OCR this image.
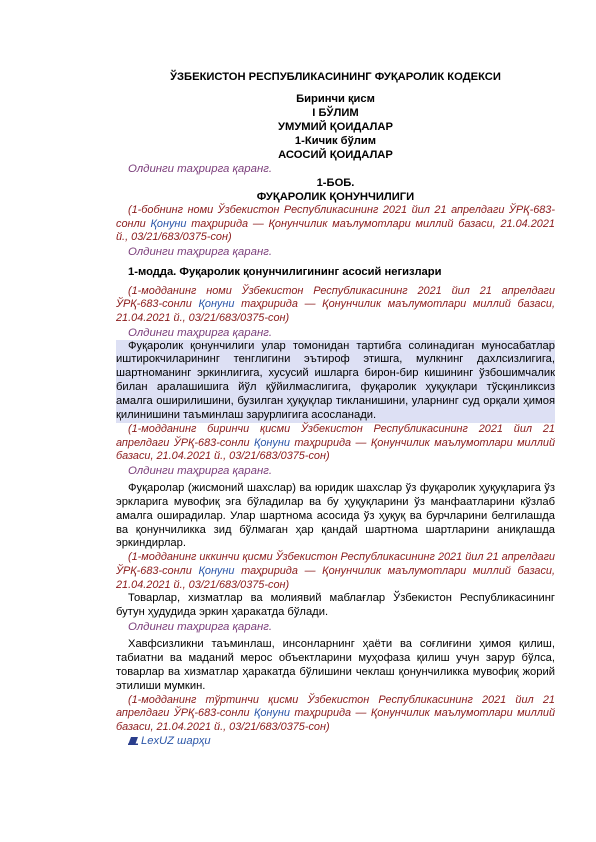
ЎЗБЕКИСТОН РЕСПУБЛИКАСИНИНГ ФУҚАРОЛИК КОДЕКСИ

Биринчи қисм

I БЎЛИМ

УМУМИЙ ҚОИДАЛАР

1-Кичик бўлим

АСОСИЙ ҚОИДАЛАР

Олдинги таҳрирга қаранг.

1-БОБ.

ФУҚАРОЛИК ҚОНУНЧИЛИГИ

(1-бобнинг номи Ўзбекистон Республикасининг 2021 йил 21 апрелдаги ЎРҚ-683-сонли Қонуни таҳририда — Қонунчилик маълумотлари миллий базаси, 21.04.2021 й., 03/21/683/0375-сон)

Олдинги таҳрирга қаранг.

1-модда. Фуқаролик қонунчилигининг асосий негизлари

(1-модданинг номи Ўзбекистон Республикасининг 2021 йил 21 апрелдаги ЎРҚ-683-сонли Қонуни таҳририда — Қонунчилик маълумотлари миллий базаси, 21.04.2021 й., 03/21/683/0375-сон)

Олдинги таҳрирга қаранг.

Фуқаролик қонунчилиги улар томонидан тартибга солинадиган муносабатлар иштирокчиларининг тенглигини эътироф этишга, мулкнинг дахлсизлигига, шартноманинг эркинлигига, хусусий ишларга бирон-бир кишининг ўзбошимчалик билан аралашишига йўл қўйилмаслигига, фуқаролик ҳуқуқлари тўсқинликсиз амалга оширилишини, бузилган ҳуқуқлар тикланишини, уларнинг суд орқали ҳимоя қилинишини таъминлаш зарурлигига асосланади.

(1-модданинг биринчи қисми Ўзбекистон Республикасининг 2021 йил 21 апрелдаги ЎРҚ-683-сонли Қонуни таҳририда — Қонунчилик маълумотлари миллий базаси, 21.04.2021 й., 03/21/683/0375-сон)

Олдинги таҳрирга қаранг.

Фуқаролар (жисмоний шахслар) ва юридик шахслар ўз фуқаролик ҳуқуқларига ўз эркларига мувофиқ эга бўладилар ва бу ҳуқуқларини ўз манфаатларини кўзлаб амалга оширадилар. Улар шартнома асосида ўз ҳуқуқ ва бурчларини белгилашда ва қонунчиликка зид бўлмаган ҳар қандай шартнома шартларини аниқлашда эркиндирлар.

(1-модданинг иккинчи қисми Ўзбекистон Республикасининг 2021 йил 21 апрелдаги ЎРҚ-683-сонли Қонуни таҳририда — Қонунчилик маълумотлари миллий базаси, 21.04.2021 й., 03/21/683/0375-сон)

Товарлар, хизматлар ва молиявий маблағлар Ўзбекистон Республикасининг бутун ҳудудида эркин ҳаракатда бўлади.

Олдинги таҳрирга қаранг.

Хавфсизликни таъминлаш, инсонларнинг ҳаёти ва соғлиғини ҳимоя қилиш, табиатни ва маданий мерос объектларини муҳофаза қилиш учун зарур бўлса, товарлар ва хизматлар ҳаракатда бўлишини чеклаш қонунчиликка мувофиқ жорий этилиши мумкин.

(1-модданинг тўртинчи қисми Ўзбекистон Республикасининг 2021 йил 21 апрелдаги ЎРҚ-683-сонли Қонуни таҳририда — Қонунчилик маълумотлари миллий базаси, 21.04.2021 й., 03/21/683/0375-сон)

LexUZ шарҳи
